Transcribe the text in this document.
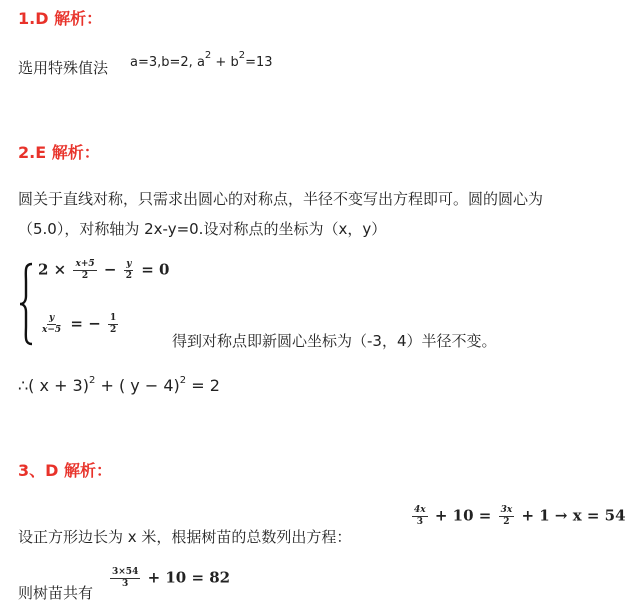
1.D 解析：
选用特殊值法 a=3,b=2, $a^2 + b^2=13$
2.E 解析：
圆关于直线对称，只需求出圆心的对称点，半径不变写出方程即可。圆的圆心为
（5.0），对称轴为 2x-y=0.设对称点的坐标为（x，y）
$2 \times \frac{x+5}{2} - \frac{y}{2} = 0$
$\frac{y}{x-5}$ = − $\frac{1}{2}$
得到对称点即新圆心坐标为（-3，4）半径不变。
∴( x + 3)$^2$ + ( y − 4)$^2$ = 2
3、D 解析：
设正方形边长为 x 米，根据树苗的总数列出方程：
$\frac{4x}{3} + 10 = \frac{3x}{2} + 1 \to x = 54$
则树苗共有
$\frac{3\times 54}{3} + 10 = 82$
